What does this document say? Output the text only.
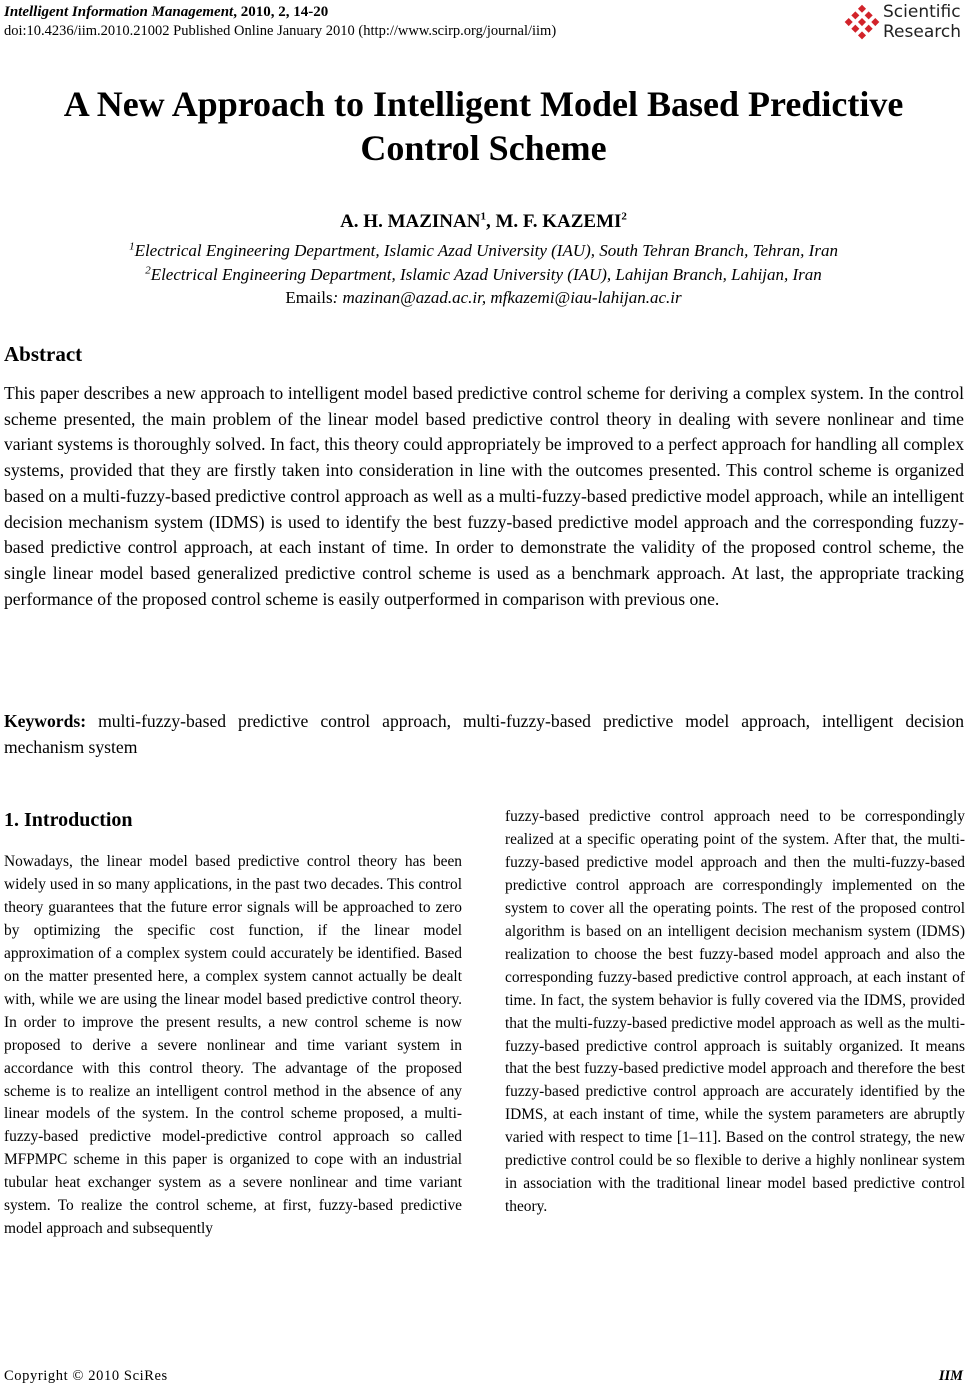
Intelligent Information Management, 2010, 2, 14-20
doi:10.4236/iim.2010.21002 Published Online January 2010 (http://www.scirp.org/journal/iim)
Scientific
Research
A New Approach to Intelligent Model Based Predictive
Control Scheme
A. H. MAZINAN$^1$, M. F. KAZEMI$^2$
$^1$Electrical Engineering Department, Islamic Azad University (IAU), South Tehran Branch, Tehran, Iran
$^2$Electrical Engineering Department, Islamic Azad University (IAU), Lahijan Branch, Lahijan, Iran
Emails: mazinan@azad.ac.ir, mfkazemi@iau-lahijan.ac.ir
Abstract
This paper describes a new approach to intelligent model based predictive control scheme for deriving a complex system. In the control scheme presented, the main problem of the linear model based predictive control theory in dealing with severe nonlinear and time variant systems is thoroughly solved. In fact, this theory could appropriately be improved to a perfect approach for handling all complex systems, provided that they are firstly taken into consideration in line with the outcomes presented. This control scheme is organized based on a multi-fuzzy-based predictive control approach as well as a multi-fuzzy-based predictive model approach, while an intelligent decision mechanism system (IDMS) is used to identify the best fuzzy-based predictive model approach and the corresponding fuzzy-based predictive control approach, at each instant of time. In order to demonstrate the validity of the proposed control scheme, the single linear model based generalized predictive control scheme is used as a benchmark approach. At last, the appropriate tracking performance of the proposed control scheme is easily outperformed in comparison with previous one.
Keywords: multi-fuzzy-based predictive control approach, multi-fuzzy-based predictive model approach, intelligent decision mechanism system
1. Introduction
Nowadays, the linear model based predictive control theory has been widely used in so many applications, in the past two decades. This control theory guarantees that the future error signals will be approached to zero by optimizing the specific cost function, if the linear model approximation of a complex system could accurately be identified. Based on the matter presented here, a complex system cannot actually be dealt with, while we are using the linear model based predictive control theory. In order to improve the present results, a new control scheme is now proposed to derive a severe nonlinear and time variant system in accordance with this control theory. The advantage of the proposed scheme is to realize an intelligent control method in the absence of any linear models of the system. In the control scheme proposed, a multi-fuzzy-based predictive model-predictive control approach so called MFPMPC scheme in this paper is organized to cope with an industrial tubular heat exchanger system as a severe nonlinear and time variant system. To realize the control scheme, at first, fuzzy-based predictive model approach and subsequently
fuzzy-based predictive control approach need to be correspondingly realized at a specific operating point of the system. After that, the multi-fuzzy-based predictive model approach and then the multi-fuzzy-based predictive control approach are correspondingly implemented on the system to cover all the operating points. The rest of the proposed control algorithm is based on an intelligent decision mechanism system (IDMS) realization to choose the best fuzzy-based model approach and also the corresponding fuzzy-based predictive control approach, at each instant of time. In fact, the system behavior is fully covered via the IDMS, provided that the multi-fuzzy-based predictive model approach as well as the multi-fuzzy-based predictive control approach is suitably organized. It means that the best fuzzy-based predictive model approach and therefore the best fuzzy-based predictive control approach are accurately identified by the IDMS, at each instant of time, while the system parameters are abruptly varied with respect to time [1–11]. Based on the control strategy, the new predictive control could be so flexible to derive a highly nonlinear system in association with the traditional linear model based predictive control theory.
Copyright © 2010 SciRes	IIM
